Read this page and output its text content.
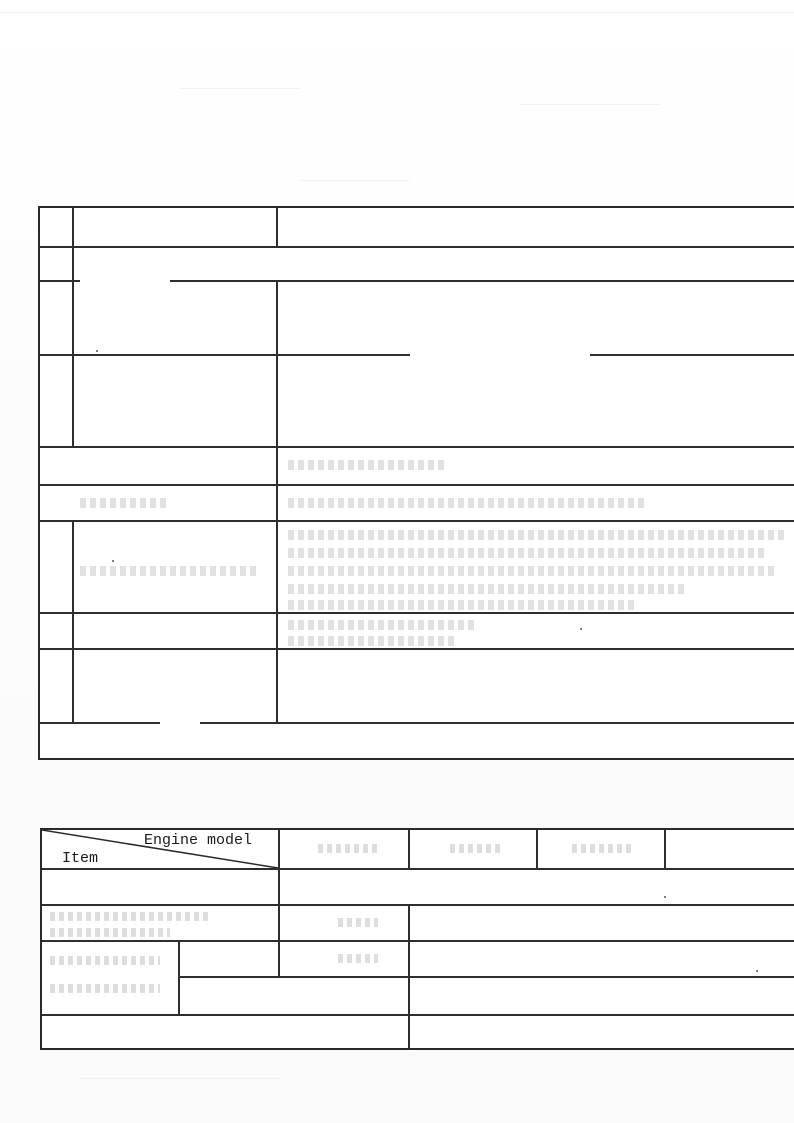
Engine model
Item
